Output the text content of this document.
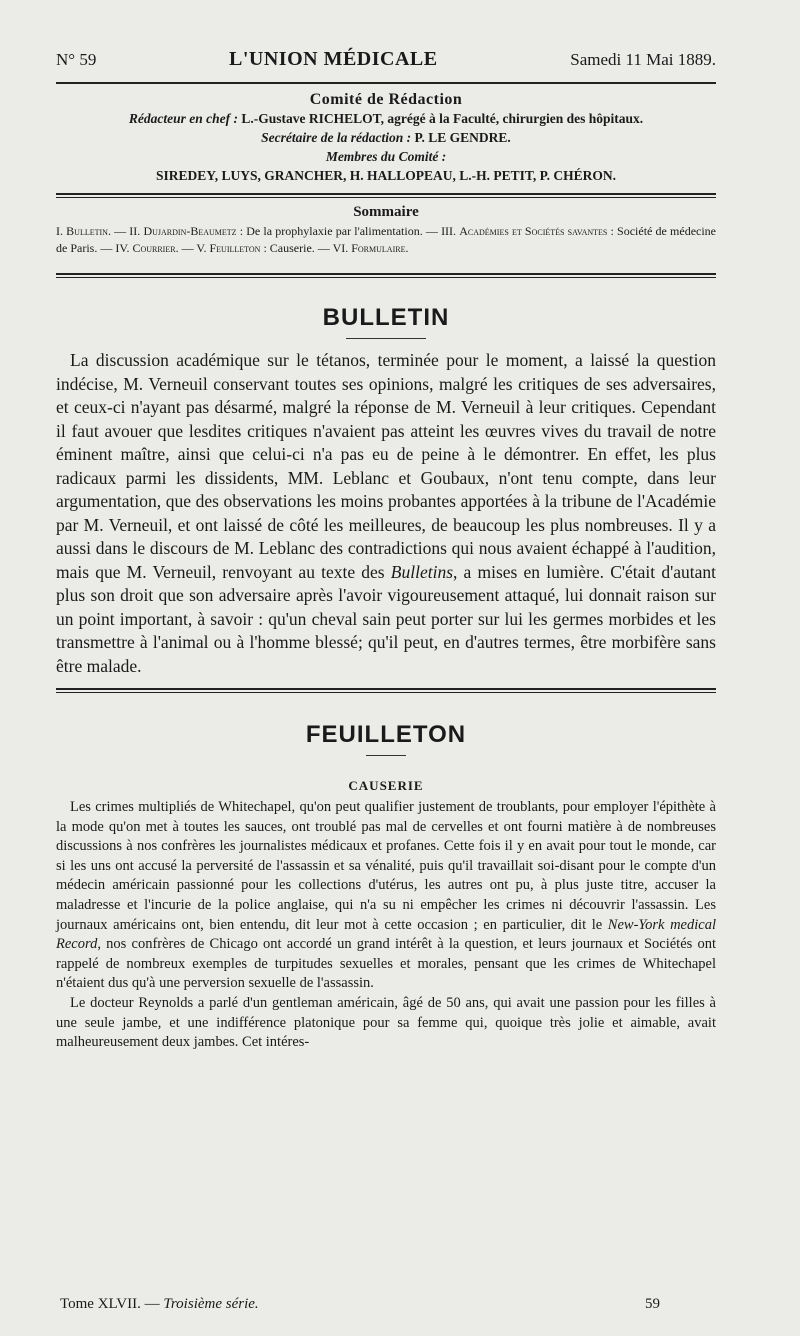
N° 59	L'UNION MÉDICALE	Samedi 11 Mai 1889.
Comité de Rédaction
Rédacteur en chef : L.-Gustave RICHELOT, agrégé à la Faculté, chirurgien des hôpitaux.
Secrétaire de la rédaction : P. LE GENDRE.
Membres du Comité :
SIREDEY, LUYS, GRANCHER, H. HALLOPEAU, L.-H. PETIT, P. CHÉRON.
Sommaire
I. Bulletin. — II. Dujardin-Beaumetz : De la prophylaxie par l'alimentation. — III. Académies et Sociétés savantes : Société de médecine de Paris. — IV. Courrier. — V. Feuilleton : Causerie. — VI. Formulaire.
BULLETIN

La discussion académique sur le tétanos, terminée pour le moment, a laissé la question indécise, M. Verneuil conservant toutes ses opinions, malgré les critiques de ses adversaires, et ceux-ci n'ayant pas désarmé, malgré la réponse de M. Verneuil à leur critiques. Cependant il faut avouer que lesdites critiques n'avaient pas atteint les œuvres vives du travail de notre éminent maître, ainsi que celui-ci n'a pas eu de peine à le démontrer. En effet, les plus radicaux parmi les dissidents, MM. Leblanc et Goubaux, n'ont tenu compte, dans leur argumentation, que des observations les moins probantes apportées à la tribune de l'Académie par M. Verneuil, et ont laissé de côté les meilleures, de beaucoup les plus nombreuses. Il y a aussi dans le discours de M. Leblanc des contradictions qui nous avaient échappé à l'audition, mais que M. Verneuil, renvoyant au texte des Bulletins, a mises en lumière. C'était d'autant plus son droit que son adversaire après l'avoir vigoureusement attaqué, lui donnait raison sur un point important, à savoir : qu'un cheval sain peut porter sur lui les germes morbides et les transmettre à l'animal ou à l'homme blessé; qu'il peut, en d'autres termes, être morbifère sans être malade.

FEUILLETON
CAUSERIE

Les crimes multipliés de Whitechapel, qu'on peut qualifier justement de troublants, pour employer l'épithète à la mode qu'on met à toutes les sauces, ont troublé pas mal de cervelles et ont fourni matière à de nombreuses discussions à nos confrères les journalistes médicaux et profanes. Cette fois il y en avait pour tout le monde, car si les uns ont accusé la perversité de l'assassin et sa vénalité, puis qu'il travaillait soi-disant pour le compte d'un médecin américain passionné pour les collections d'utérus, les autres ont pu, à plus juste titre, accuser la maladresse et l'incurie de la police anglaise, qui n'a su ni empêcher les crimes ni découvrir l'assassin. Les journaux américains ont, bien entendu, dit leur mot à cette occasion ; en particulier, dit le New-York medical Record, nos confrères de Chicago ont accordé un grand intérêt à la question, et leurs journaux et Sociétés ont rappelé de nombreux exemples de turpitudes sexuelles et morales, pensant que les crimes de Whitechapel n'étaient dus qu'à une perversion sexuelle de l'assassin.

Le docteur Reynolds a parlé d'un gentleman américain, âgé de 50 ans, qui avait une passion pour les filles à une seule jambe, et une indifférence platonique pour sa femme qui, quoique très jolie et aimable, avait malheureusement deux jambes. Cet intéres-

Tome XLVII. — Troisième série.	59
